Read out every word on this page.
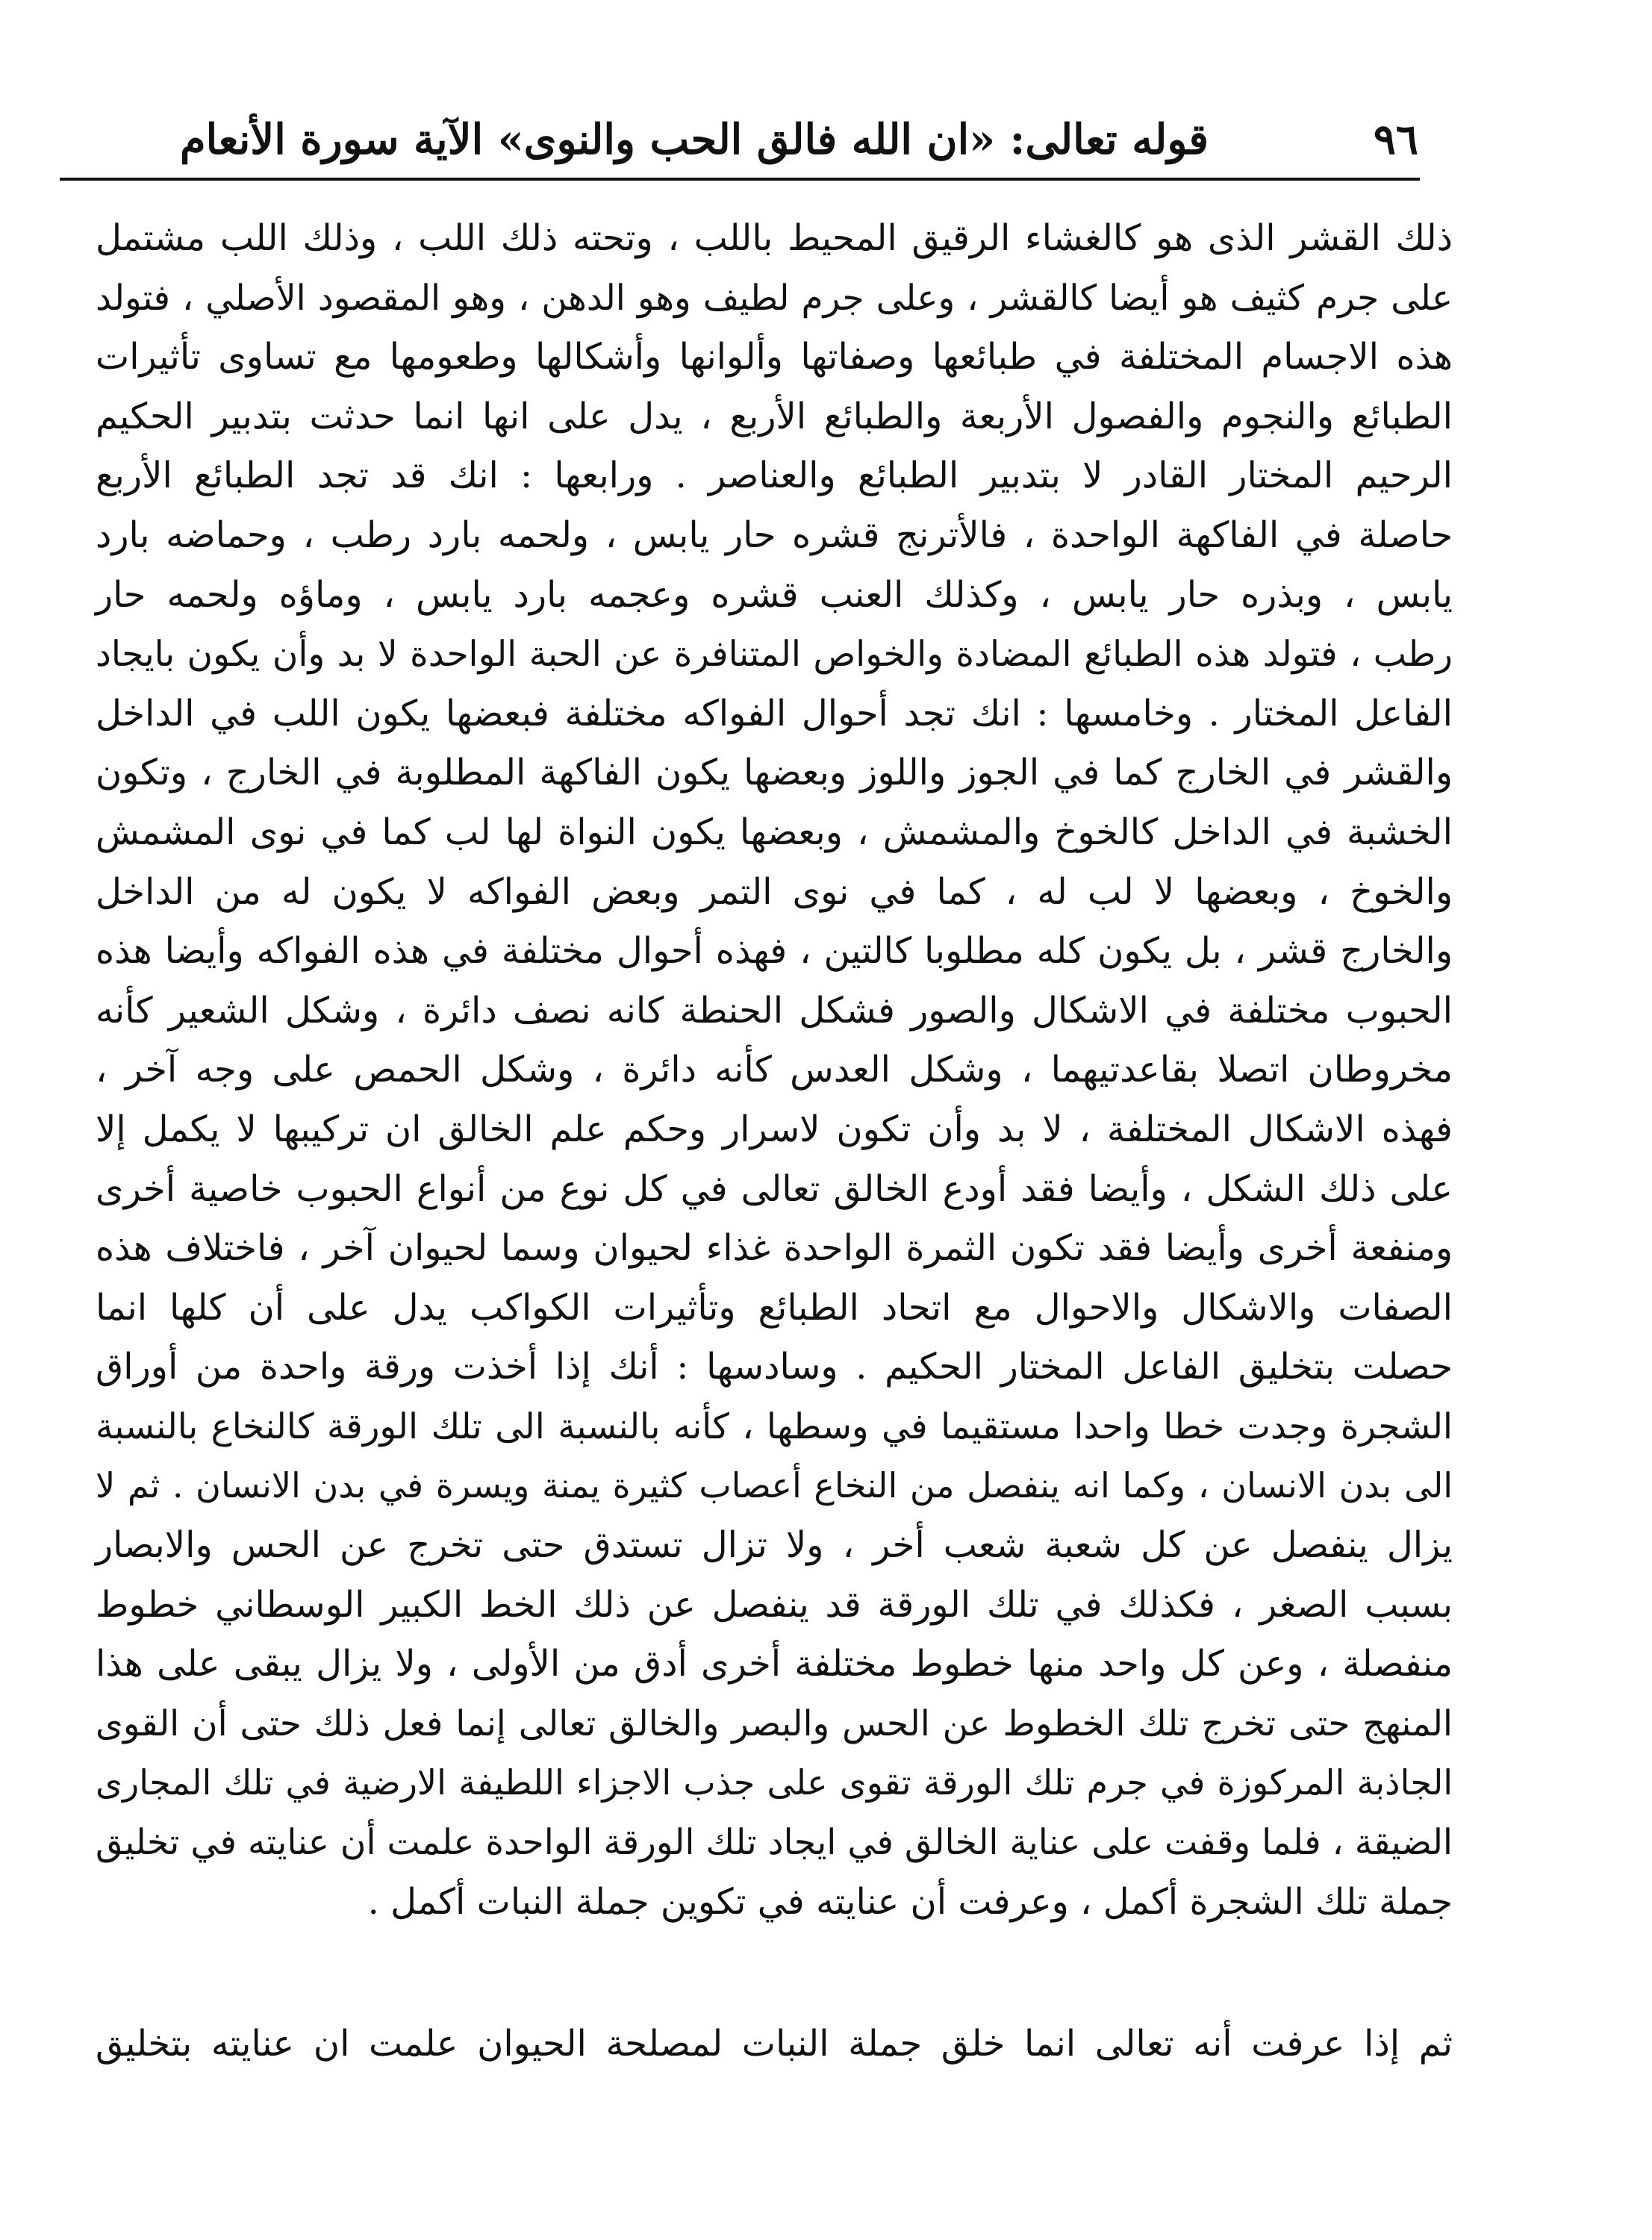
٩٦
قوله تعالى: «ان الله فالق الحب والنوى» الآية سورة الأنعام
ذلك القشر الذى هو كالغشاء الرقيق المحيط باللب ، وتحته ذلك اللب ، وذلك اللب مشتمل
على جرم كثيف هو أيضا كالقشر ، وعلى جرم لطيف وهو الدهن ، وهو المقصود الأصلي ، فتولد
هذه الاجسام المختلفة في طبائعها وصفاتها وألوانها وأشكالها وطعومها مع تساوى تأثيرات
الطبائع والنجوم والفصول الأربعة والطبائع الأربع ، يدل على انها انما حدثت بتدبير الحكيم
الرحيم المختار القادر لا بتدبير الطبائع والعناصر . ورابعها : انك قد تجد الطبائع الأربع
حاصلة في الفاكهة الواحدة ، فالأترنج قشره حار يابس ، ولحمه بارد رطب ، وحماضه بارد
يابس ، وبذره حار يابس ، وكذلك العنب قشره وعجمه بارد يابس ، وماؤه ولحمه حار
رطب ، فتولد هذه الطبائع المضادة والخواص المتنافرة عن الحبة الواحدة لا بد وأن يكون بايجاد
الفاعل المختار . وخامسها : انك تجد أحوال الفواكه مختلفة فبعضها يكون اللب في الداخل
والقشر في الخارج كما في الجوز واللوز وبعضها يكون الفاكهة المطلوبة في الخارج ، وتكون
الخشبة في الداخل كالخوخ والمشمش ، وبعضها يكون النواة لها لب كما في نوى المشمش
والخوخ ، وبعضها لا لب له ، كما في نوى التمر وبعض الفواكه لا يكون له من الداخل
والخارج قشر ، بل يكون كله مطلوبا كالتين ، فهذه أحوال مختلفة في هذه الفواكه وأيضا هذه
الحبوب مختلفة في الاشكال والصور فشكل الحنطة كانه نصف دائرة ، وشكل الشعير كأنه
مخروطان اتصلا بقاعدتيهما ، وشكل العدس كأنه دائرة ، وشكل الحمص على وجه آخر ،
فهذه الاشكال المختلفة ، لا بد وأن تكون لاسرار وحكم علم الخالق ان تركيبها لا يكمل إلا
على ذلك الشكل ، وأيضا فقد أودع الخالق تعالى في كل نوع من أنواع الحبوب خاصية أخرى
ومنفعة أخرى وأيضا فقد تكون الثمرة الواحدة غذاء لحيوان وسما لحيوان آخر ، فاختلاف هذه
الصفات والاشكال والاحوال مع اتحاد الطبائع وتأثيرات الكواكب يدل على أن كلها انما
حصلت بتخليق الفاعل المختار الحكيم . وسادسها : أنك إذا أخذت ورقة واحدة من أوراق
الشجرة وجدت خطا واحدا مستقيما في وسطها ، كأنه بالنسبة الى تلك الورقة كالنخاع بالنسبة
الى بدن الانسان ، وكما انه ينفصل من النخاع أعصاب كثيرة يمنة ويسرة في بدن الانسان . ثم لا
يزال ينفصل عن كل شعبة شعب أخر ، ولا تزال تستدق حتى تخرج عن الحس والابصار
بسبب الصغر ، فكذلك في تلك الورقة قد ينفصل عن ذلك الخط الكبير الوسطاني خطوط
منفصلة ، وعن كل واحد منها خطوط مختلفة أخرى أدق من الأولى ، ولا يزال يبقى على هذا
المنهج حتى تخرج تلك الخطوط عن الحس والبصر والخالق تعالى إنما فعل ذلك حتى أن القوى
الجاذبة المركوزة في جرم تلك الورقة تقوى على جذب الاجزاء اللطيفة الارضية في تلك المجارى
الضيقة ، فلما وقفت على عناية الخالق في ايجاد تلك الورقة الواحدة علمت أن عنايته في تخليق
جملة تلك الشجرة أكمل ، وعرفت أن عنايته في تكوين جملة النبات أكمل .
ثم إذا عرفت أنه تعالى انما خلق جملة النبات لمصلحة الحيوان علمت ان عنايته بتخليق
